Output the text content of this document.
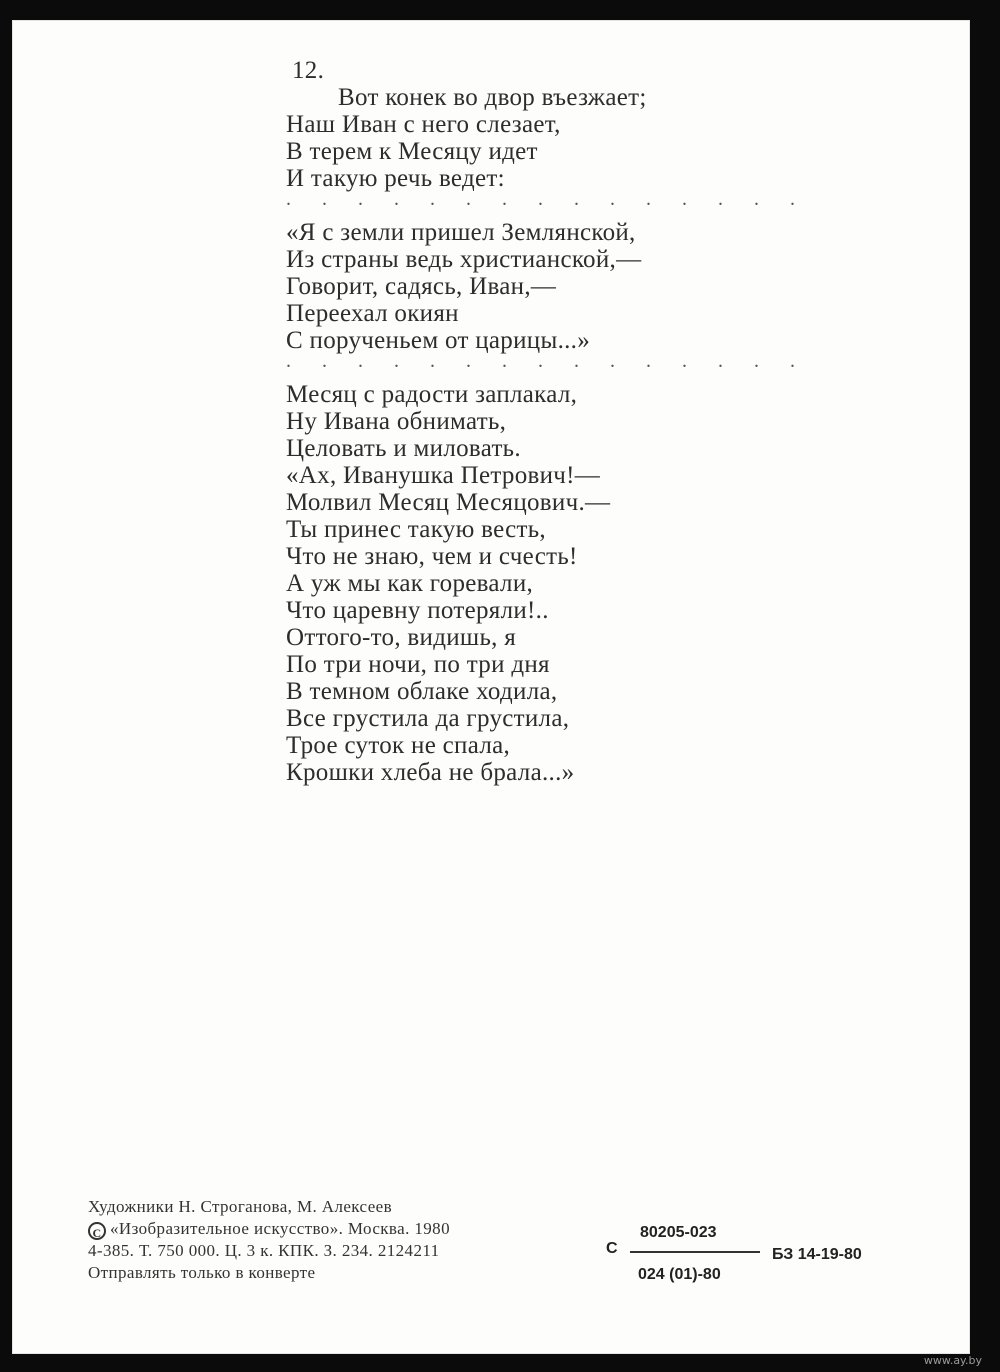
12.
Вот конек во двор въезжает;
Наш Иван с него слезает,
В терем к Месяцу идет
И такую речь ведет:
. . . . . . . . . . . . . . .
«Я с земли пришел Землянской,
Из страны ведь христианской,—
Говорит, садясь, Иван,—
Переехал окиян
С порученьем от царицы...»
. . . . . . . . . . . . . . .
Месяц с радости заплакал,
Ну Ивана обнимать,
Целовать и миловать.
«Ах, Иванушка Петрович!—
Молвил Месяц Месяцович.—
Ты принес такую весть,
Что не знаю, чем и счесть!
А уж мы как горевали,
Что царевну потеряли!..
Оттого-то, видишь, я
По три ночи, по три дня
В темном облаке ходила,
Все грустила да грустила,
Трое суток не спала,
Крошки хлеба не брала...»
Художники Н. Строганова, М. Алексеев
C «Изобразительное искусство». Москва. 1980
4-385. Т. 750 000. Ц. 3 к. КПК. З. 234. 2124211
Отправлять только в конверте
С
80205-023
024 (01)-80
БЗ 14-19-80
www.ay.by
